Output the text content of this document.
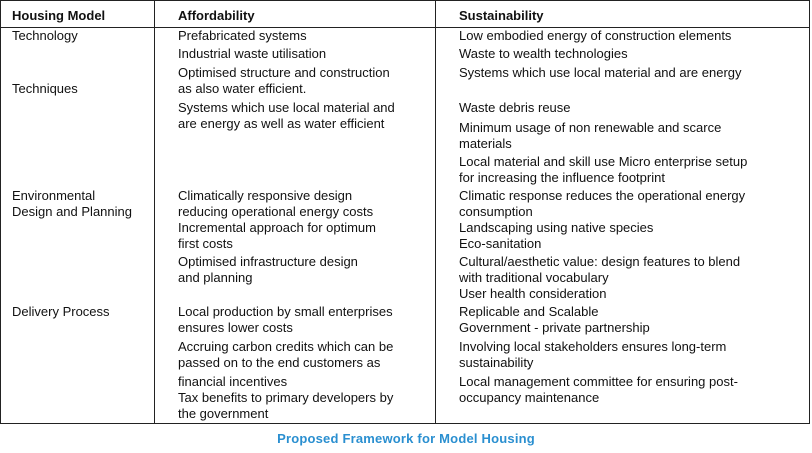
Housing Model	Affordability	Sustainability
Technology
Techniques
Environmental
Design and Planning
Delivery Process
Prefabricated systems
Industrial waste utilisation
Optimised structure and construction
as also water efficient.
Systems which use local material and
are energy as well as water efficient
Climatically responsive design
reducing operational energy costs
Incremental approach for optimum
first costs
Optimised infrastructure design
and planning
Local production by small enterprises
ensures lower costs
Accruing carbon credits which can be
passed on to the end customers as
financial incentives
Tax benefits to primary developers by
the government
Low embodied energy of construction elements
Waste to wealth technologies
Systems which use local material and are energy
Waste debris reuse
Minimum usage of non renewable and scarce
materials
Local material and skill use Micro enterprise setup
for increasing the influence footprint
Climatic response reduces the operational energy
consumption
Landscaping using native species
Eco-sanitation
Cultural/aesthetic value: design features to blend
with traditional vocabulary
User health consideration
Replicable and Scalable
Government - private partnership
Involving local stakeholders ensures long-term
sustainability
Local management committee for ensuring post-
occupancy maintenance
Proposed Framework for Model Housing
